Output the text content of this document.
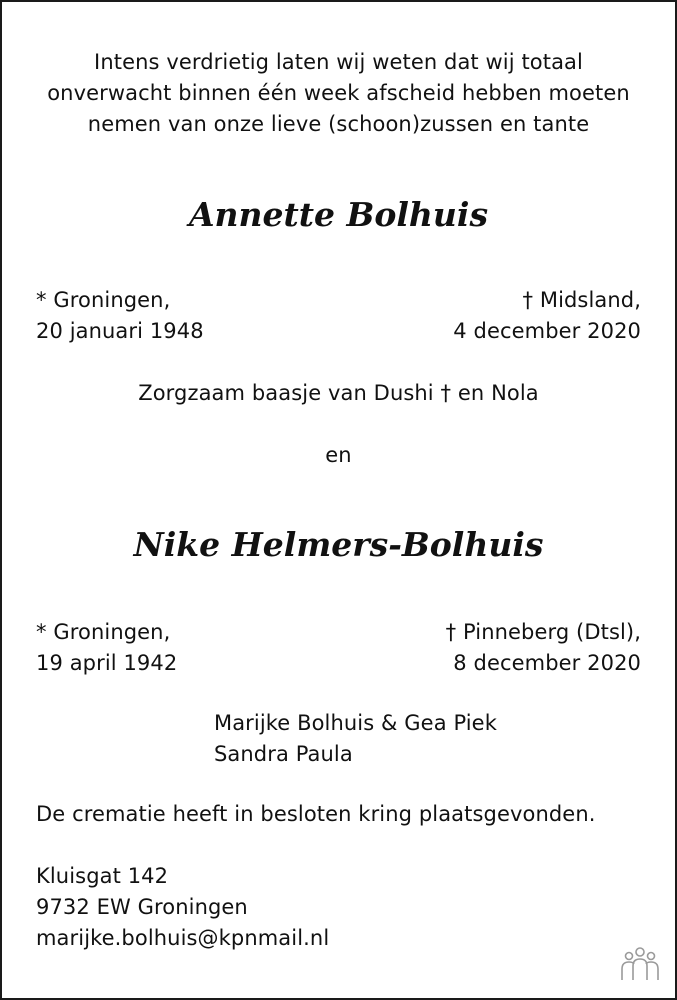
Intens verdrietig laten wij weten dat wij totaal
onverwacht binnen één week afscheid hebben moeten
nemen van onze lieve (schoon)zussen en tante
Annette Bolhuis
* Groningen,
20 januari 1948
† Midsland,
4 december 2020
Zorgzaam baasje van Dushi † en Nola
en
Nike Helmers-Bolhuis
* Groningen,
19 april 1942
† Pinneberg (Dtsl),
8 december 2020
Marijke Bolhuis & Gea Piek
Sandra Paula
De crematie heeft in besloten kring plaatsgevonden.
Kluisgat 142
9732 EW Groningen
marijke.bolhuis@kpnmail.nl
